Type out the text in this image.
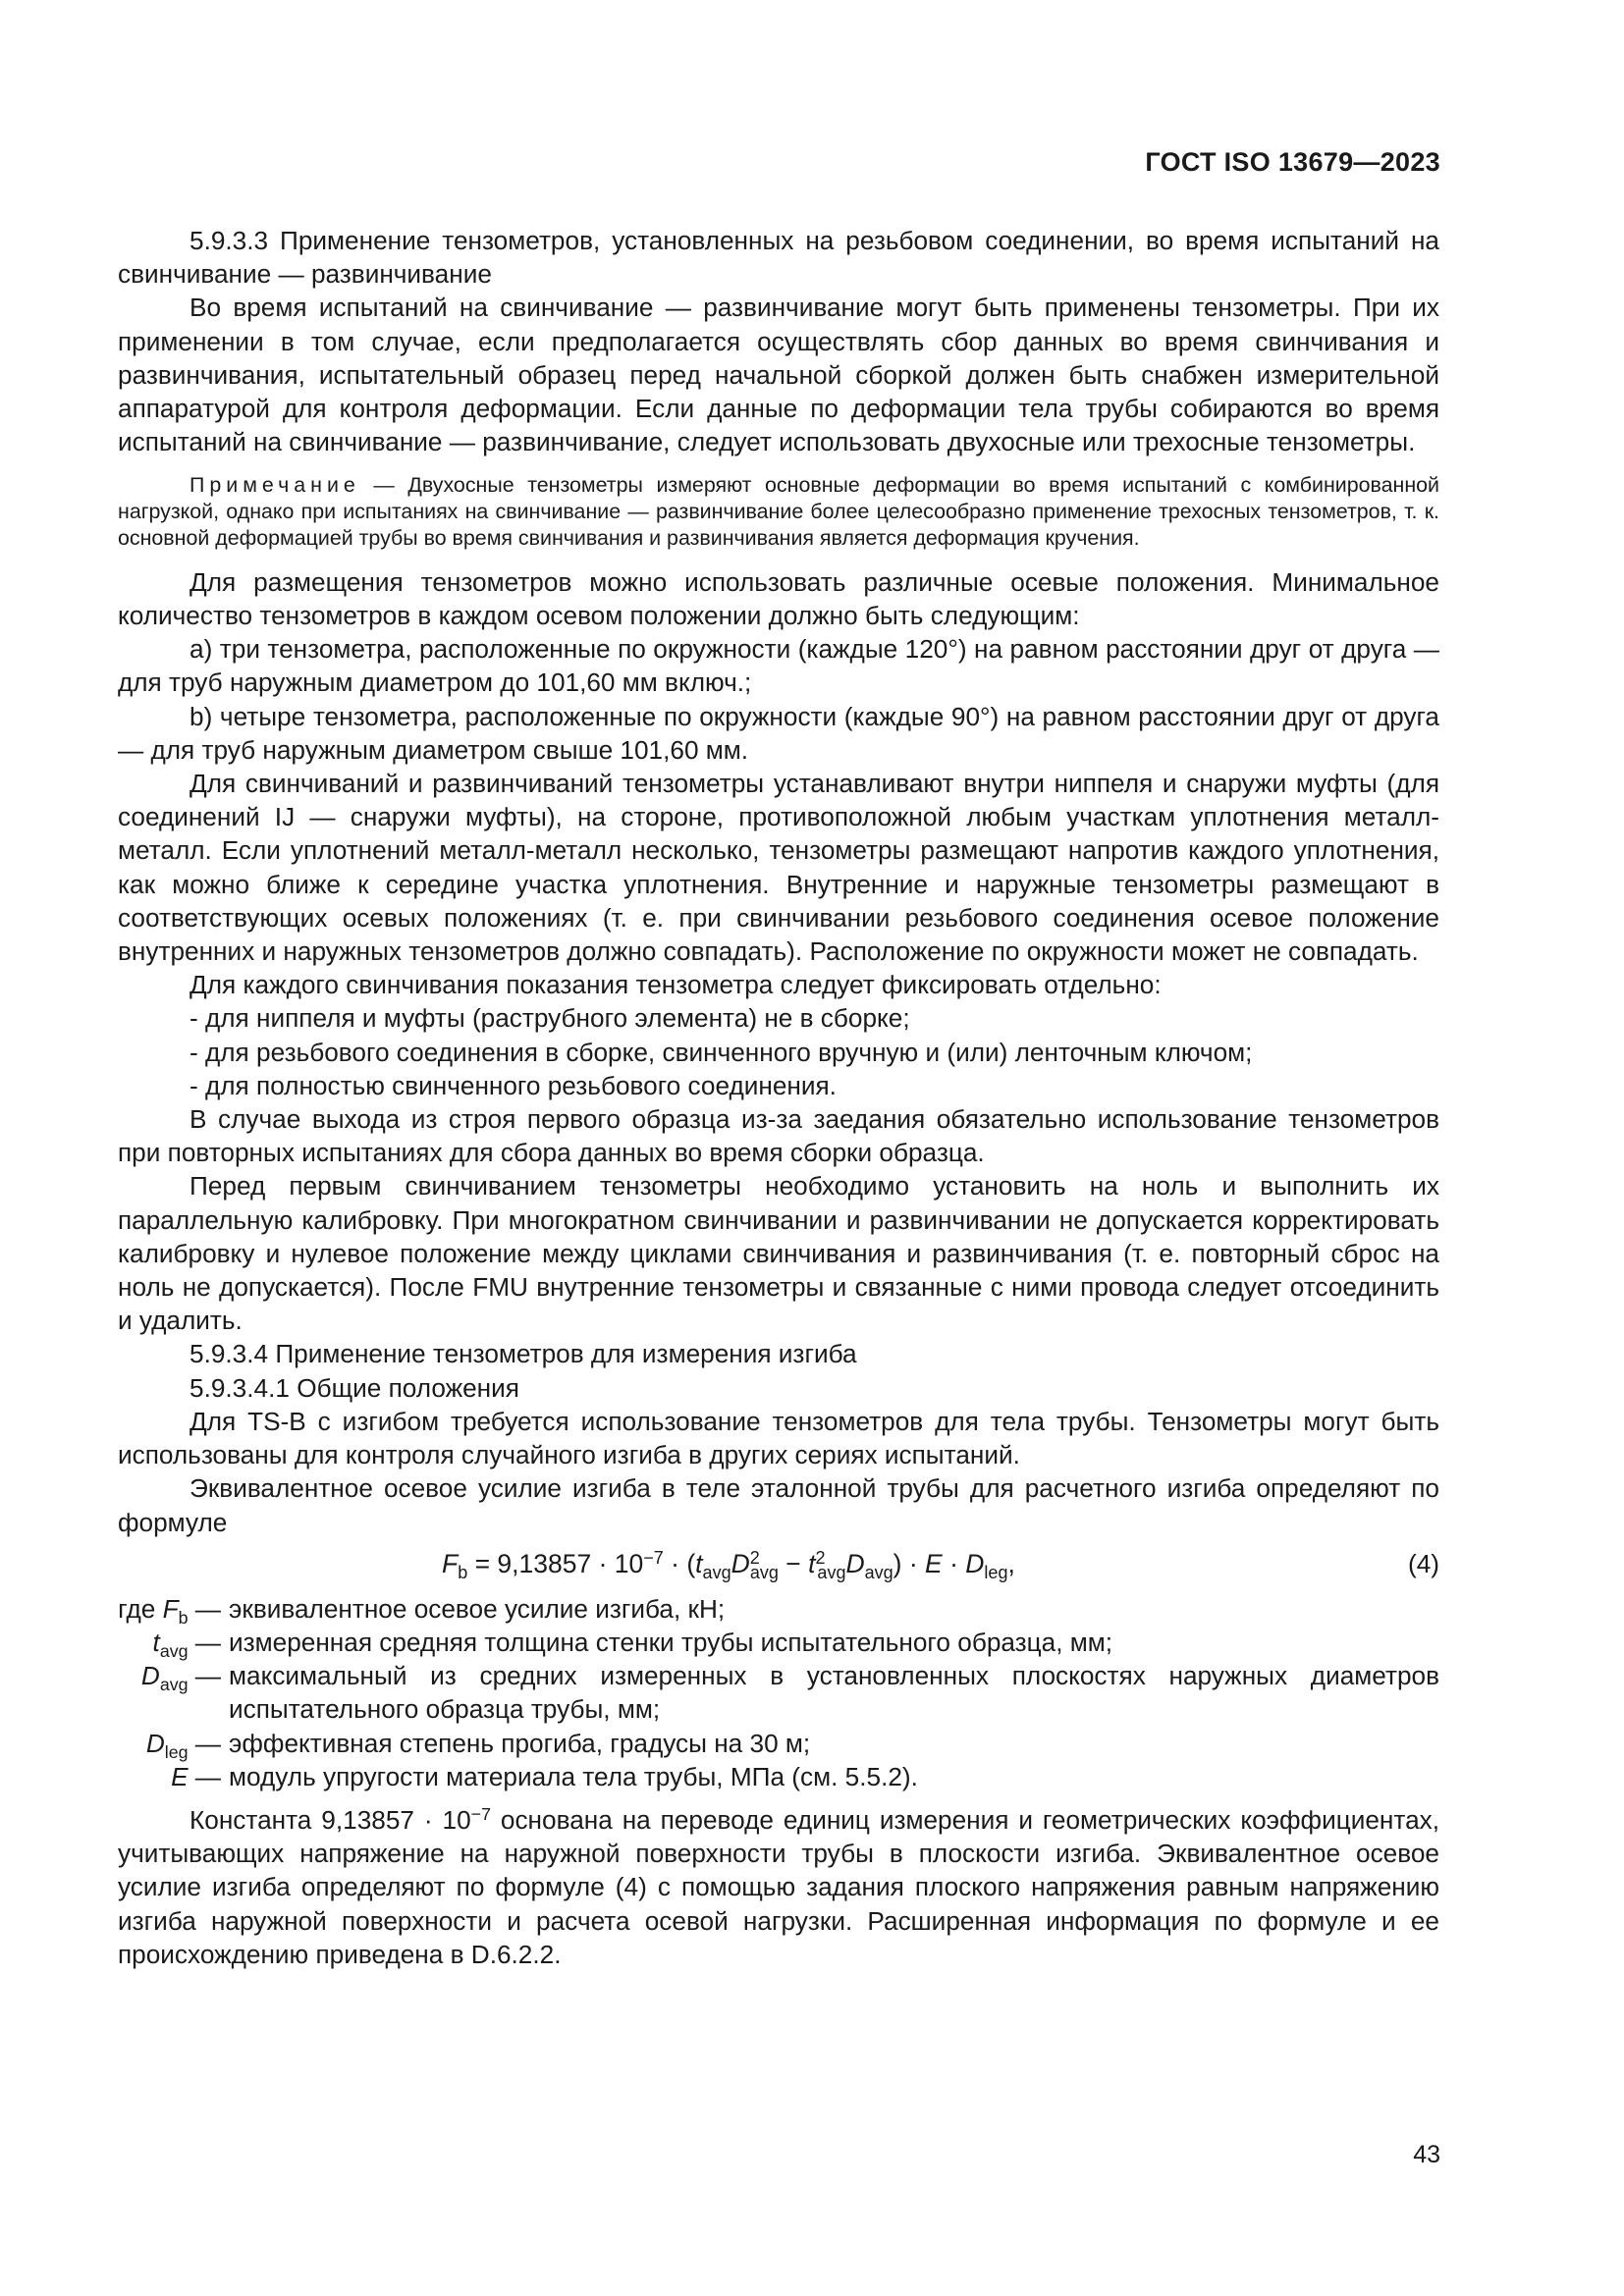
ГОСТ ISO 13679—2023

5.9.3.3 Применение тензометров, установленных на резьбовом соединении, во время испытаний на свинчивание — развинчивание

Во время испытаний на свинчивание — развинчивание могут быть применены тензометры. При их применении в том случае, если предполагается осуществлять сбор данных во время свинчивания и развинчивания, испытательный образец перед начальной сборкой должен быть снабжен измерительной аппаратурой для контроля деформации. Если данные по деформации тела трубы собираются во время испытаний на свинчивание — развинчивание, следует использовать двухосные или трехосные тензометры.

Примечание — Двухосные тензометры измеряют основные деформации во время испытаний с комбинированной нагрузкой, однако при испытаниях на свинчивание — развинчивание более целесообразно применение трехосных тензометров, т. к. основной деформацией трубы во время свинчивания и развинчивания является деформация кручения.

Для размещения тензометров можно использовать различные осевые положения. Минимальное количество тензометров в каждом осевом положении должно быть следующим:

a) три тензометра, расположенные по окружности (каждые 120°) на равном расстоянии друг от друга — для труб наружным диаметром до 101,60 мм включ.;

b) четыре тензометра, расположенные по окружности (каждые 90°) на равном расстоянии друг от друга — для труб наружным диаметром свыше 101,60 мм.

Для свинчиваний и развинчиваний тензометры устанавливают внутри ниппеля и снаружи муфты (для соединений IJ — снаружи муфты), на стороне, противоположной любым участкам уплотнения металл-металл. Если уплотнений металл-металл несколько, тензометры размещают напротив каждого уплотнения, как можно ближе к середине участка уплотнения. Внутренние и наружные тензометры размещают в соответствующих осевых положениях (т. е. при свинчивании резьбового соединения осевое положение внутренних и наружных тензометров должно совпадать). Расположение по окружности может не совпадать.

Для каждого свинчивания показания тензометра следует фиксировать отдельно:

- для ниппеля и муфты (раструбного элемента) не в сборке;

- для резьбового соединения в сборке, свинченного вручную и (или) ленточным ключом;

- для полностью свинченного резьбового соединения.

В случае выхода из строя первого образца из-за заедания обязательно использование тензометров при повторных испытаниях для сбора данных во время сборки образца.

Перед первым свинчиванием тензометры необходимо установить на ноль и выполнить их параллельную калибровку. При многократном свинчивании и развинчивании не допускается корректировать калибровку и нулевое положение между циклами свинчивания и развинчивания (т. е. повторный сброс на ноль не допускается). После FMU внутренние тензометры и связанные с ними провода следует отсоединить и удалить.

5.9.3.4 Применение тензометров для измерения изгиба

5.9.3.4.1 Общие положения

Для TS-B с изгибом требуется использование тензометров для тела трубы. Тензометры могут быть использованы для контроля случайного изгиба в других сериях испытаний.

Эквивалентное осевое усилие изгиба в теле эталонной трубы для расчетного изгиба определяют по формуле

$F_b = 9,13857 \cdot 10^{-7} \cdot (t_{avg}D^2_{avg} - t^2_{avg}D_{avg}) \cdot E \cdot D_{leg}$,	(4)
где $F_b$ — эквивалентное осевое усилие изгиба, кН;
$t_{avg}$ — измеренная средняя толщина стенки трубы испытательного образца, мм;
$D_{avg}$ — максимальный из средних измеренных в установленных плоскостях наружных диаметров испытательного образца трубы, мм;
$D_{leg}$ — эффективная степень прогиба, градусы на 30 м;
E — модуль упругости материала тела трубы, МПа (см. 5.5.2).

Константа $9,13857 \cdot 10^{-7}$ основана на переводе единиц измерения и геометрических коэффициентах, учитывающих напряжение на наружной поверхности трубы в плоскости изгиба. Эквивалентное осевое усилие изгиба определяют по формуле (4) с помощью задания плоского напряжения равным напряжению изгиба наружной поверхности и расчета осевой нагрузки. Расширенная информация по формуле и ее происхождению приведена в D.6.2.2.

43
